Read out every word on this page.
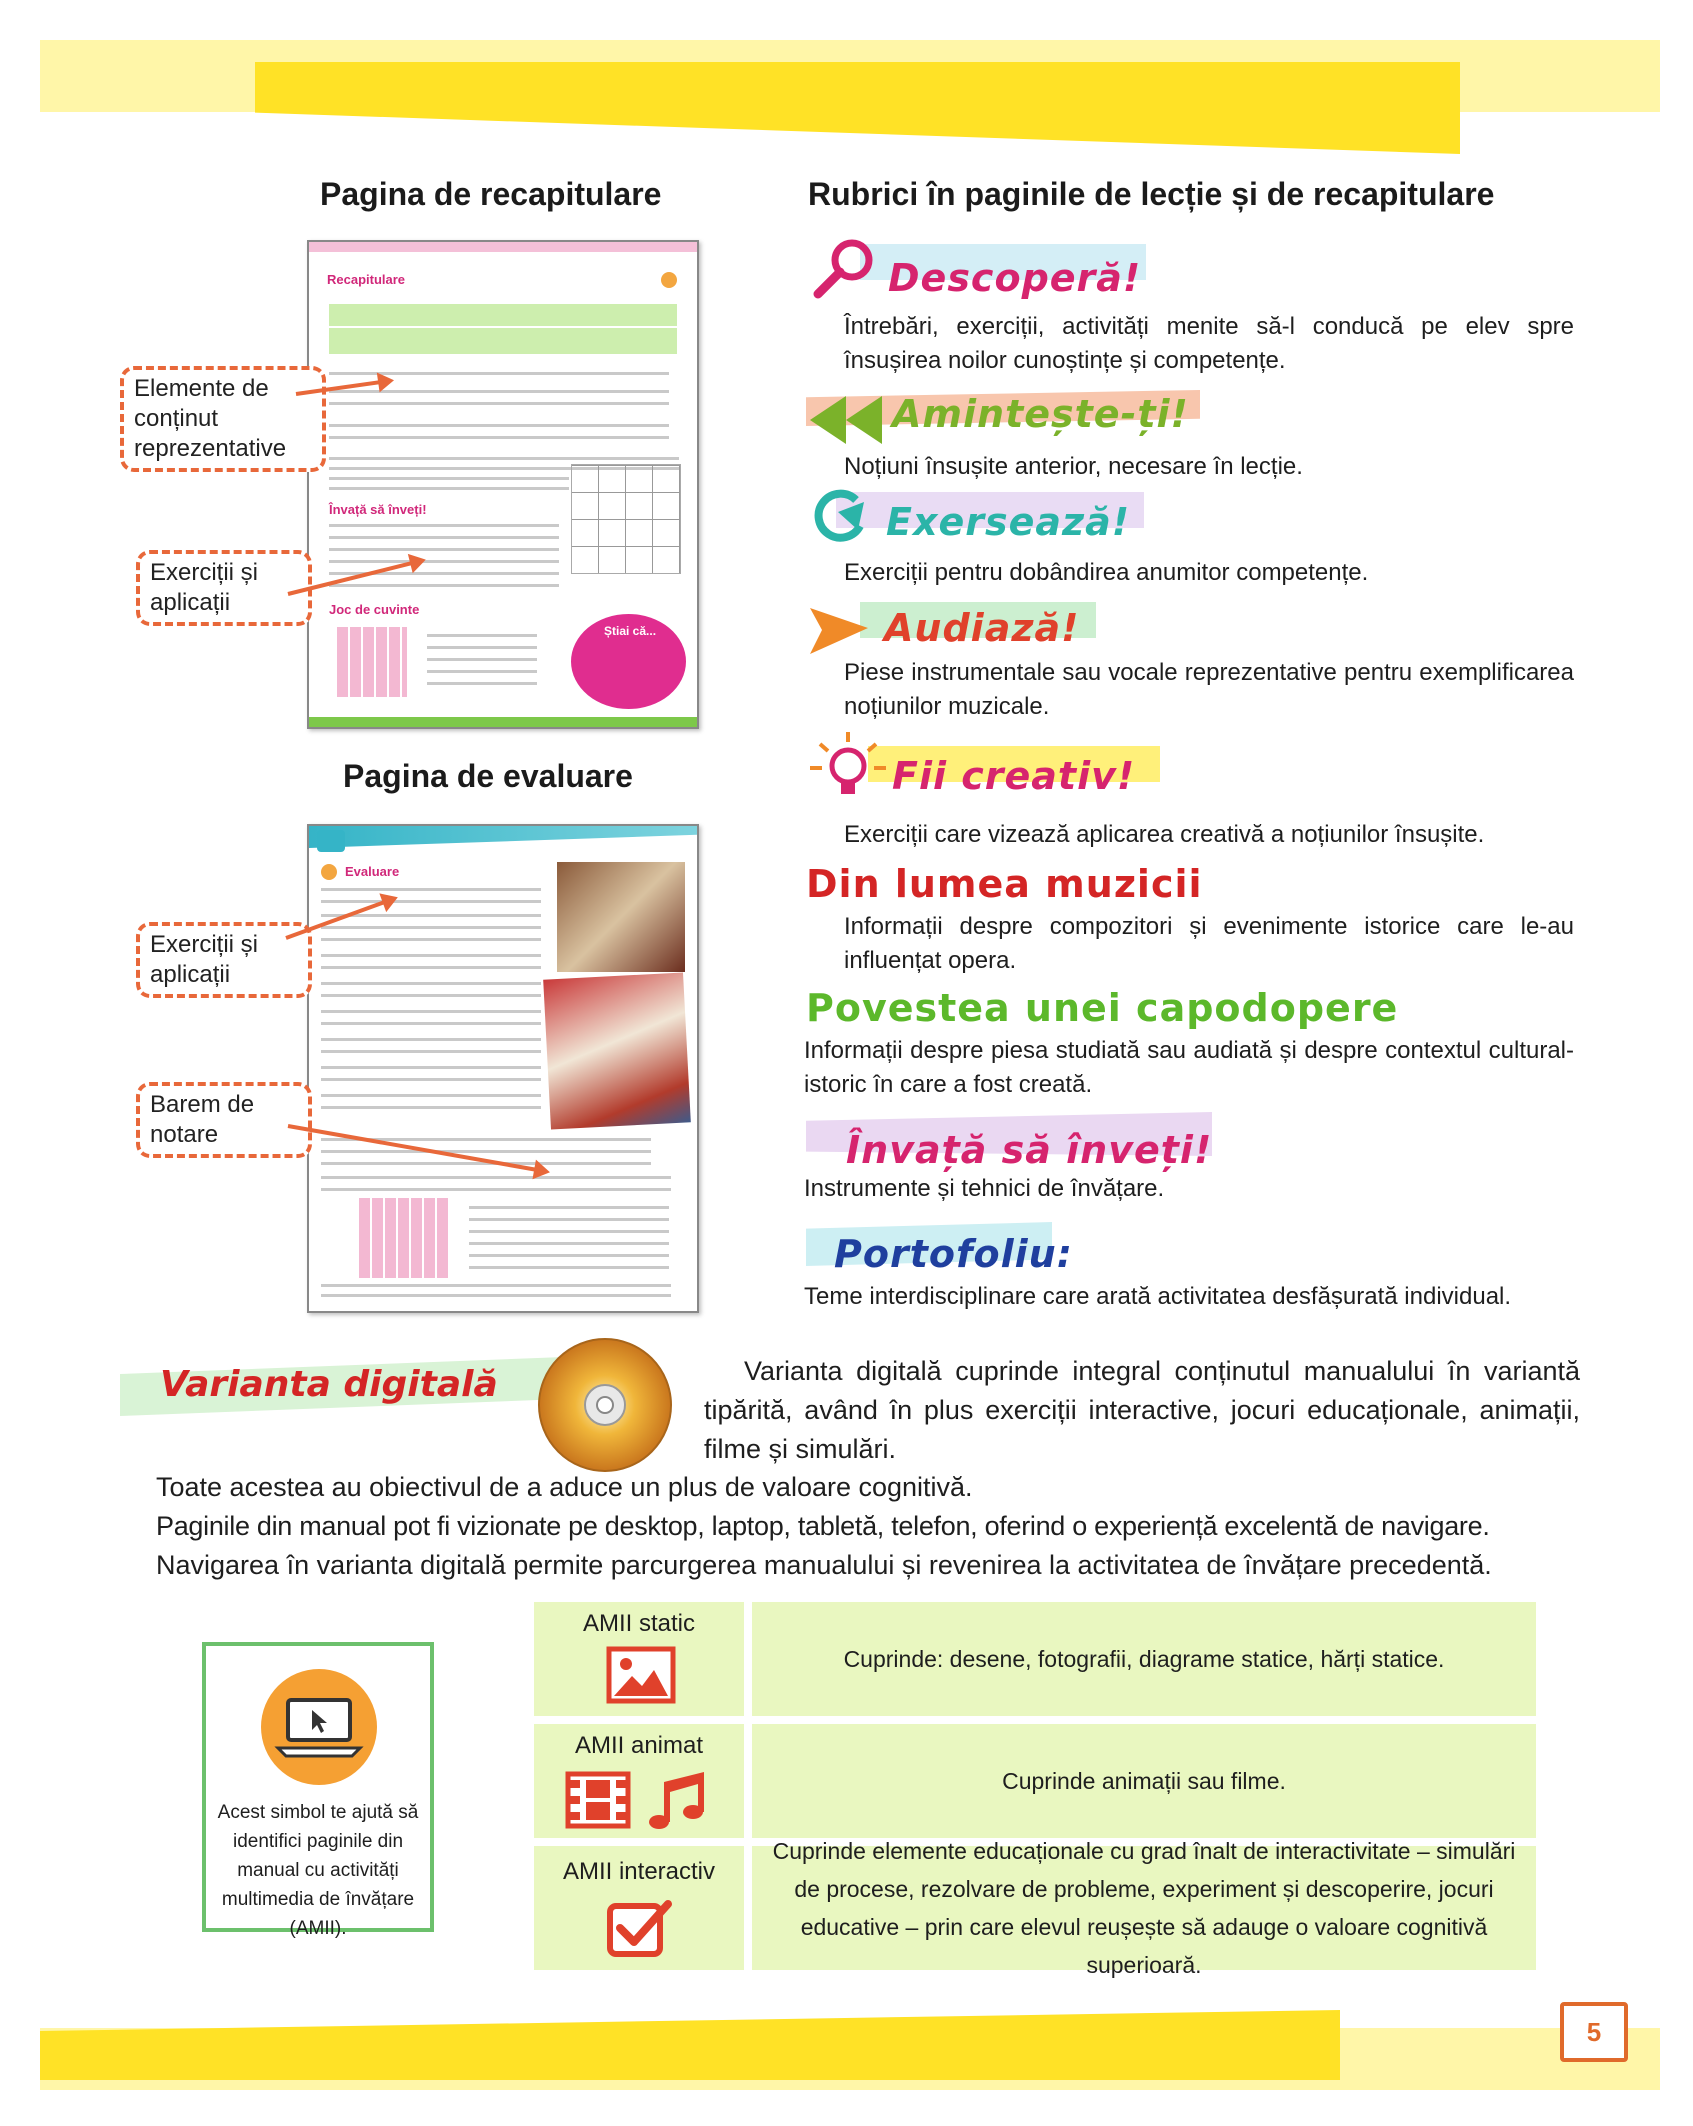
5
Pagina de recapitulare
Pagina de evaluare
Recapitulare
Învață să înveți!
Joc de cuvinte
Știai că...
Evaluare
Elemente de conținut reprezentative
Exerciții și aplicații
Exerciții și aplicații
Barem de notare
Rubrici în paginile de lecție și de recapitulare
Descoperă!
Întrebări, exerciții, activități menite să-l conducă pe elev spre însușirea noilor cunoștințe și competențe.
Amintește-ți!
Noțiuni însușite anterior, necesare în lecție.
Exersează!
Exerciții pentru dobândirea anumitor competențe.
Audiază!
Piese instrumentale sau vocale reprezentative pentru exemplificarea noțiunilor muzicale.
Fii creativ!
Exerciții care vizează aplicarea creativă a noțiunilor însușite.
Din lumea muzicii
Informații despre compozitori și evenimente istorice care le-au influențat opera.
Povestea unei capodopere
Informații despre piesa studiată sau audiată și despre contextul cultural-istoric în care a fost creată.
Învață să înveți!
Instrumente și tehnici de învățare.
Portofoliu:
Teme interdisciplinare care arată activitatea desfășurată individual.
Varianta digitală	Varianta digitală cuprinde integral conținutul manualului în variantă tipărită, având în plus exerciții interactive, jocuri educaționale, animații, filme și simulări.
Toate acestea au obiectivul de a aduce un plus de valoare cognitivă.
Paginile din manual pot fi vizionate pe desktop, laptop, tabletă, telefon, oferind o experiență excelentă de navigare.
Navigarea în varianta digitală permite parcurgerea manualului și revenirea la activitatea de învățare precedentă.
Acest simbol te ajută să identifici paginile din manual cu activități multimedia de învățare (AMII).
AMII static
Cuprinde: desene, fotografii, diagrame statice, hărți statice.
AMII animat
Cuprinde animații sau filme.
AMII interactiv
Cuprinde elemente educaționale cu grad înalt de interactivitate – simulări de procese, rezolvare de probleme, experiment și descoperire, jocuri educative – prin care elevul reușește să adauge o valoare cognitivă superioară.
